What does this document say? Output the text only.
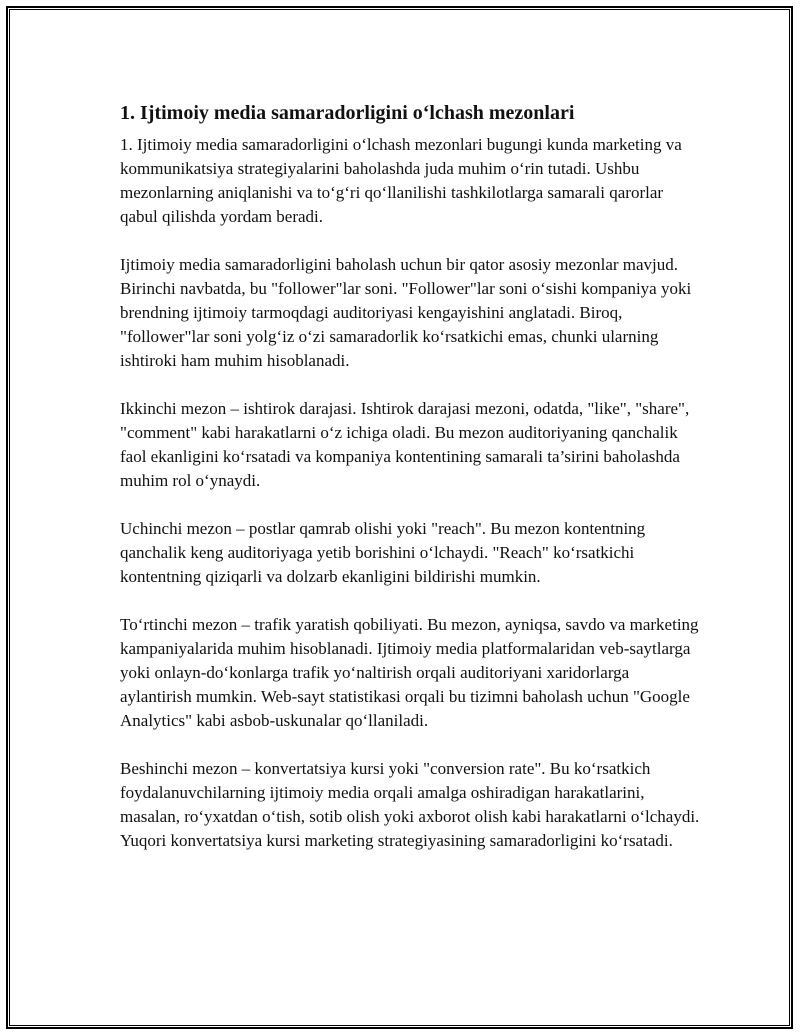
1. Ijtimoiy media samaradorligini o‘lchash mezonlari

1. Ijtimoiy media samaradorligini o‘lchash mezonlari bugungi kunda marketing va kommunikatsiya strategiyalarini baholashda juda muhim o‘rin tutadi. Ushbu mezonlarning aniqlanishi va to‘g‘ri qo‘llanilishi tashkilotlarga samarali qarorlar qabul qilishda yordam beradi.

Ijtimoiy media samaradorligini baholash uchun bir qator asosiy mezonlar mavjud. Birinchi navbatda, bu "follower"lar soni. "Follower"lar soni o‘sishi kompaniya yoki brendning ijtimoiy tarmoqdagi auditoriyasi kengayishini anglatadi. Biroq, "follower"lar soni yolg‘iz o‘zi samaradorlik ko‘rsatkichi emas, chunki ularning ishtiroki ham muhim hisoblanadi.

Ikkinchi mezon – ishtirok darajasi. Ishtirok darajasi mezoni, odatda, "like", "share", "comment" kabi harakatlarni o‘z ichiga oladi. Bu mezon auditoriyaning qanchalik faol ekanligini ko‘rsatadi va kompaniya kontentining samarali ta’sirini baholashda muhim rol o‘ynaydi.

Uchinchi mezon – postlar qamrab olishi yoki "reach". Bu mezon kontentning qanchalik keng auditoriyaga yetib borishini o‘lchaydi. "Reach" ko‘rsatkichi kontentning qiziqarli va dolzarb ekanligini bildirishi mumkin.

To‘rtinchi mezon – trafik yaratish qobiliyati. Bu mezon, ayniqsa, savdo va marketing kampaniyalarida muhim hisoblanadi. Ijtimoiy media platformalaridan veb-saytlarga yoki onlayn-do‘konlarga trafik yo‘naltirish orqali auditoriyani xaridorlarga aylantirish mumkin. Web-sayt statistikasi orqali bu tizimni baholash uchun "Google Analytics" kabi asbob-uskunalar qo‘llaniladi.

Beshinchi mezon – konvertatsiya kursi yoki "conversion rate". Bu ko‘rsatkich foydalanuvchilarning ijtimoiy media orqali amalga oshiradigan harakatlarini, masalan, ro‘yxatdan o‘tish, sotib olish yoki axborot olish kabi harakatlarni o‘lchaydi. Yuqori konvertatsiya kursi marketing strategiyasining samaradorligini ko‘rsatadi.
